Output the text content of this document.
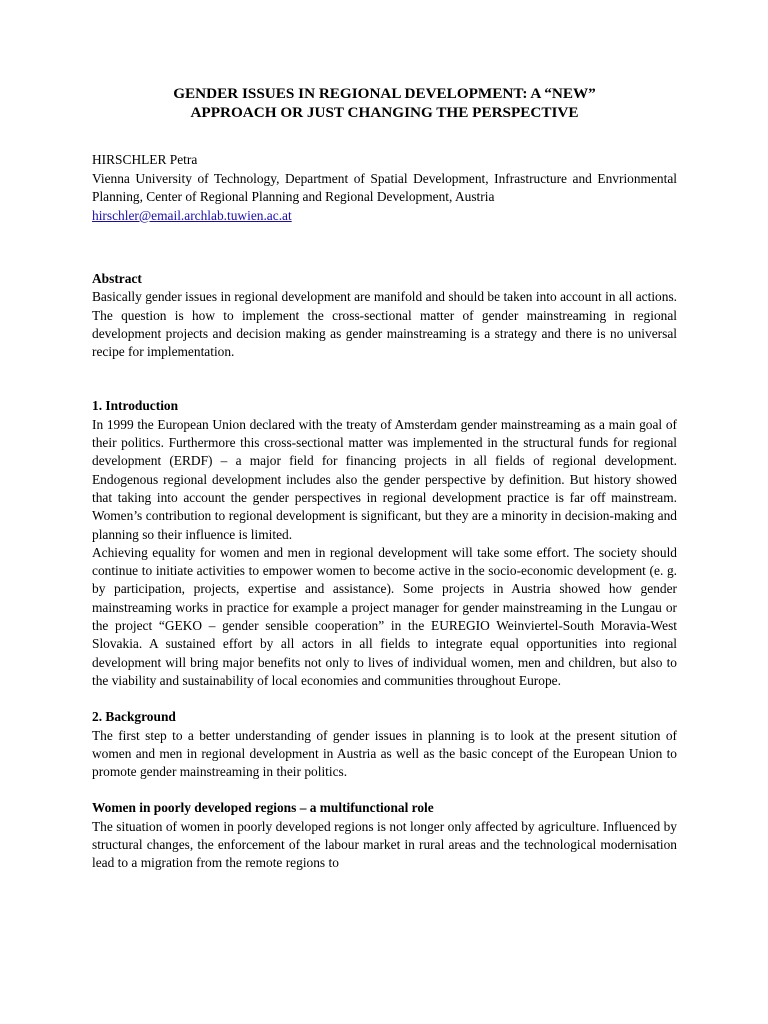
GENDER ISSUES IN REGIONAL DEVELOPMENT: A “NEW”

APPROACH OR JUST CHANGING THE PERSPECTIVE

HIRSCHLER Petra

Vienna University of Technology, Department of Spatial Development, Infrastructure and Envrionmental Planning, Center of Regional Planning and Regional Development, Austria

hirschler@email.archlab.tuwien.ac.at

Abstract

Basically gender issues in regional development are manifold and should be taken into account in all actions. The question is how to implement the cross-sectional matter of gender mainstreaming in regional development projects and decision making as gender mainstreaming is a strategy and there is no universal recipe for implementation.

1. Introduction

In 1999 the European Union declared with the treaty of Amsterdam gender mainstreaming as a main goal of their politics. Furthermore this cross-sectional matter was implemented in the structural funds for regional development (ERDF) – a major field for financing projects in all fields of regional development. Endogenous regional development includes also the gender perspective by definition. But history showed that taking into account the gender perspectives in regional development practice is far off mainstream. Women’s contribution to regional development is significant, but they are a minority in decision-making and planning so their influence is limited.

Achieving equality for women and men in regional development will take some effort. The society should continue to initiate activities to empower women to become active in the socio-economic development (e. g. by participation, projects, expertise and assistance). Some projects in Austria showed how gender mainstreaming works in practice for example a project manager for gender mainstreaming in the Lungau or the project “GEKO – gender sensible cooperation” in the EUREGIO Weinviertel-South Moravia-West Slovakia. A sustained effort by all actors in all fields to integrate equal opportunities into regional development will bring major benefits not only to lives of individual women, men and children, but also to the viability and sustainability of local economies and communities throughout Europe.

2. Background

The first step to a better understanding of gender issues in planning is to look at the present sitution of women and men in regional development in Austria as well as the basic concept of the European Union to promote gender mainstreaming in their politics.

Women in poorly developed regions – a multifunctional role

The situation of women in poorly developed regions is not longer only affected by agriculture. Influenced by structural changes, the enforcement of the labour market in rural areas and the technological modernisation lead to a migration from the remote regions to
